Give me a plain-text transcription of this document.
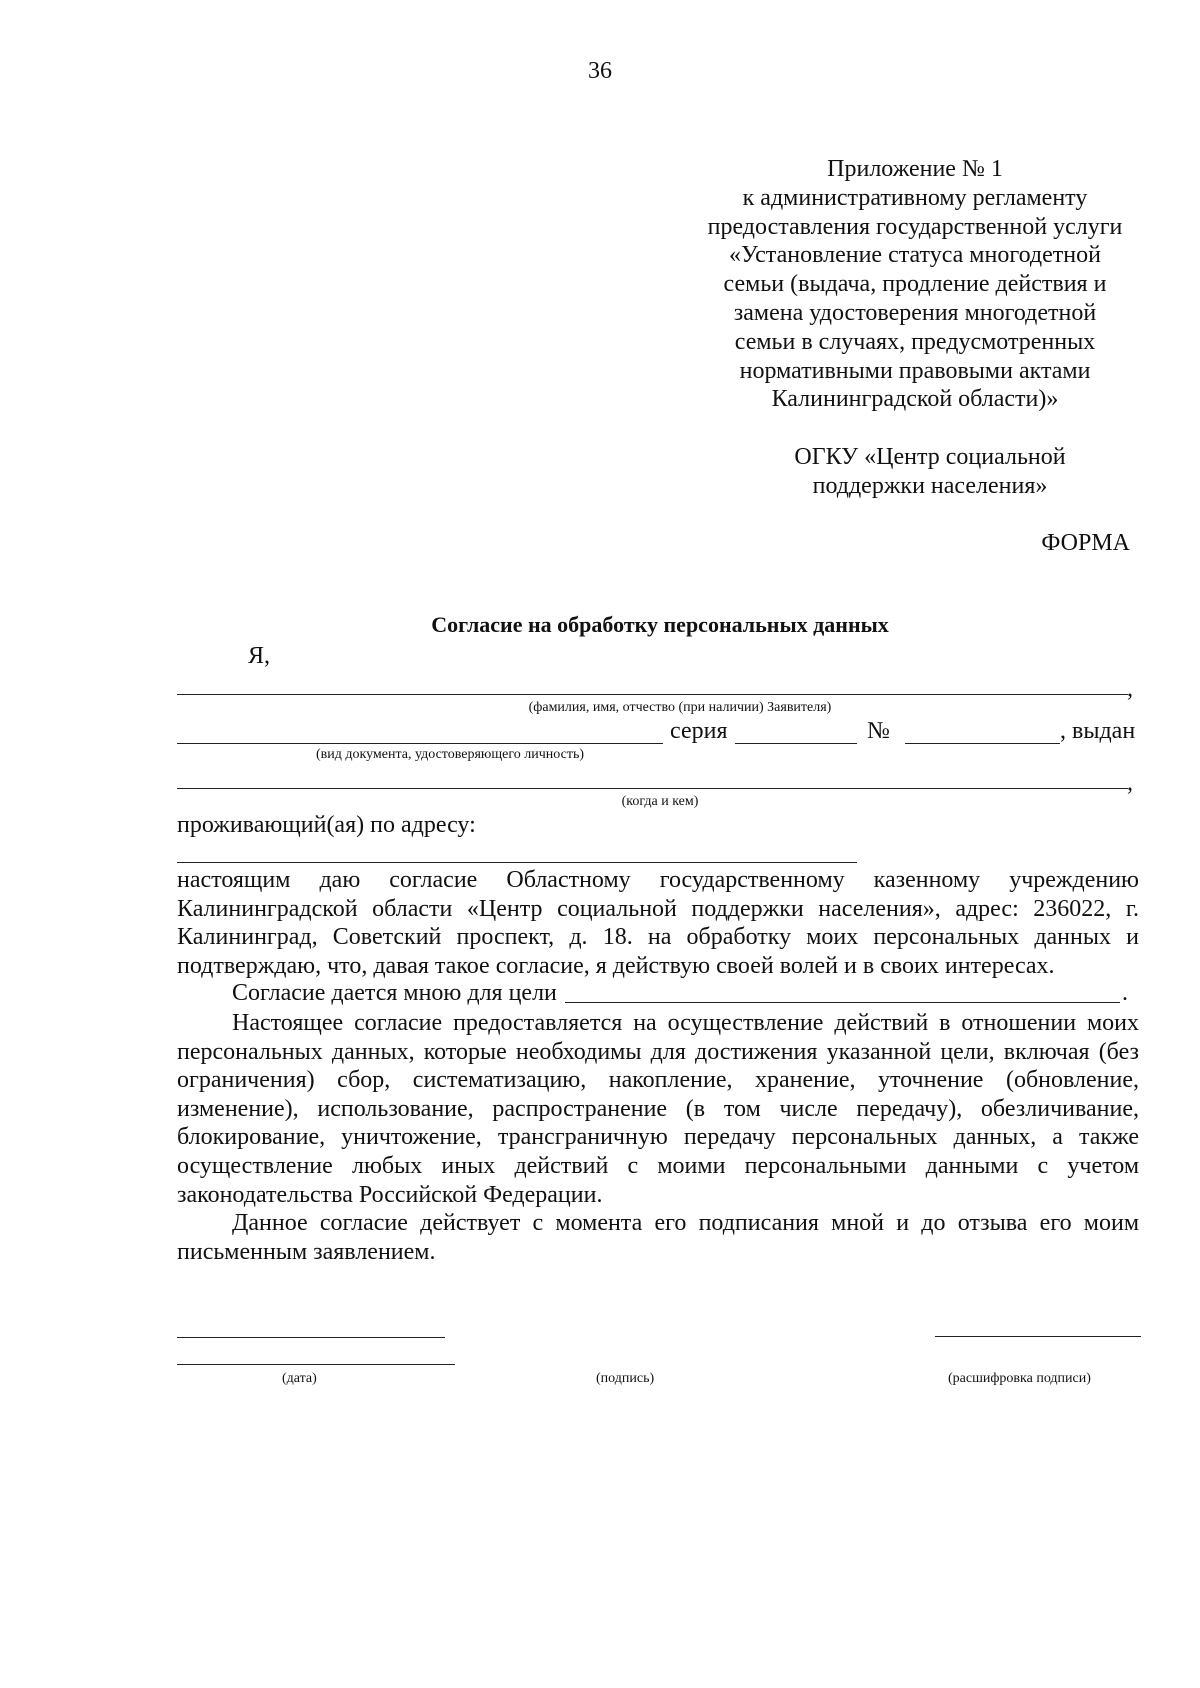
36
Приложение № 1
к административному регламенту
предоставления государственной услуги
«Установление статуса многодетной
семьи (выдача, продление действия и
замена удостоверения многодетной
семьи в случаях, предусмотренных
нормативными правовыми актами
Калининградской области)»
ОГКУ «Центр социальной
поддержки населения»
ФОРМА
Согласие на обработку персональных данных
Я,
,
(фамилия, имя, отчество (при наличии) Заявителя)
серия	№	, выдан
(вид документа, удостоверяющего личность)
,
(когда и кем)
проживающий(ая) по адресу:
настоящим даю согласие Областному государственному казенному учреждению Калининградской области «Центр социальной поддержки населения», адрес: 236022, г. Калининград, Советский проспект, д. 18. на обработку моих персональных данных и подтверждаю, что, давая такое согласие, я действую своей волей и в своих интересах.
Согласие дается мною для цели	.
Настоящее согласие предоставляется на осуществление действий в отношении моих персональных данных, которые необходимы для достижения указанной цели, включая (без ограничения) сбор, систематизацию, накопление, хранение, уточнение (обновление, изменение), использование, распространение (в том числе передачу), обезличивание, блокирование, уничтожение, трансграничную передачу персональных данных, а также осуществление любых иных действий с моими персональными данными с учетом законодательства Российской Федерации.
Данное согласие действует с момента его подписания мной и до отзыва его моим письменным заявлением.
(дата)	(подпись)	(расшифровка подписи)
